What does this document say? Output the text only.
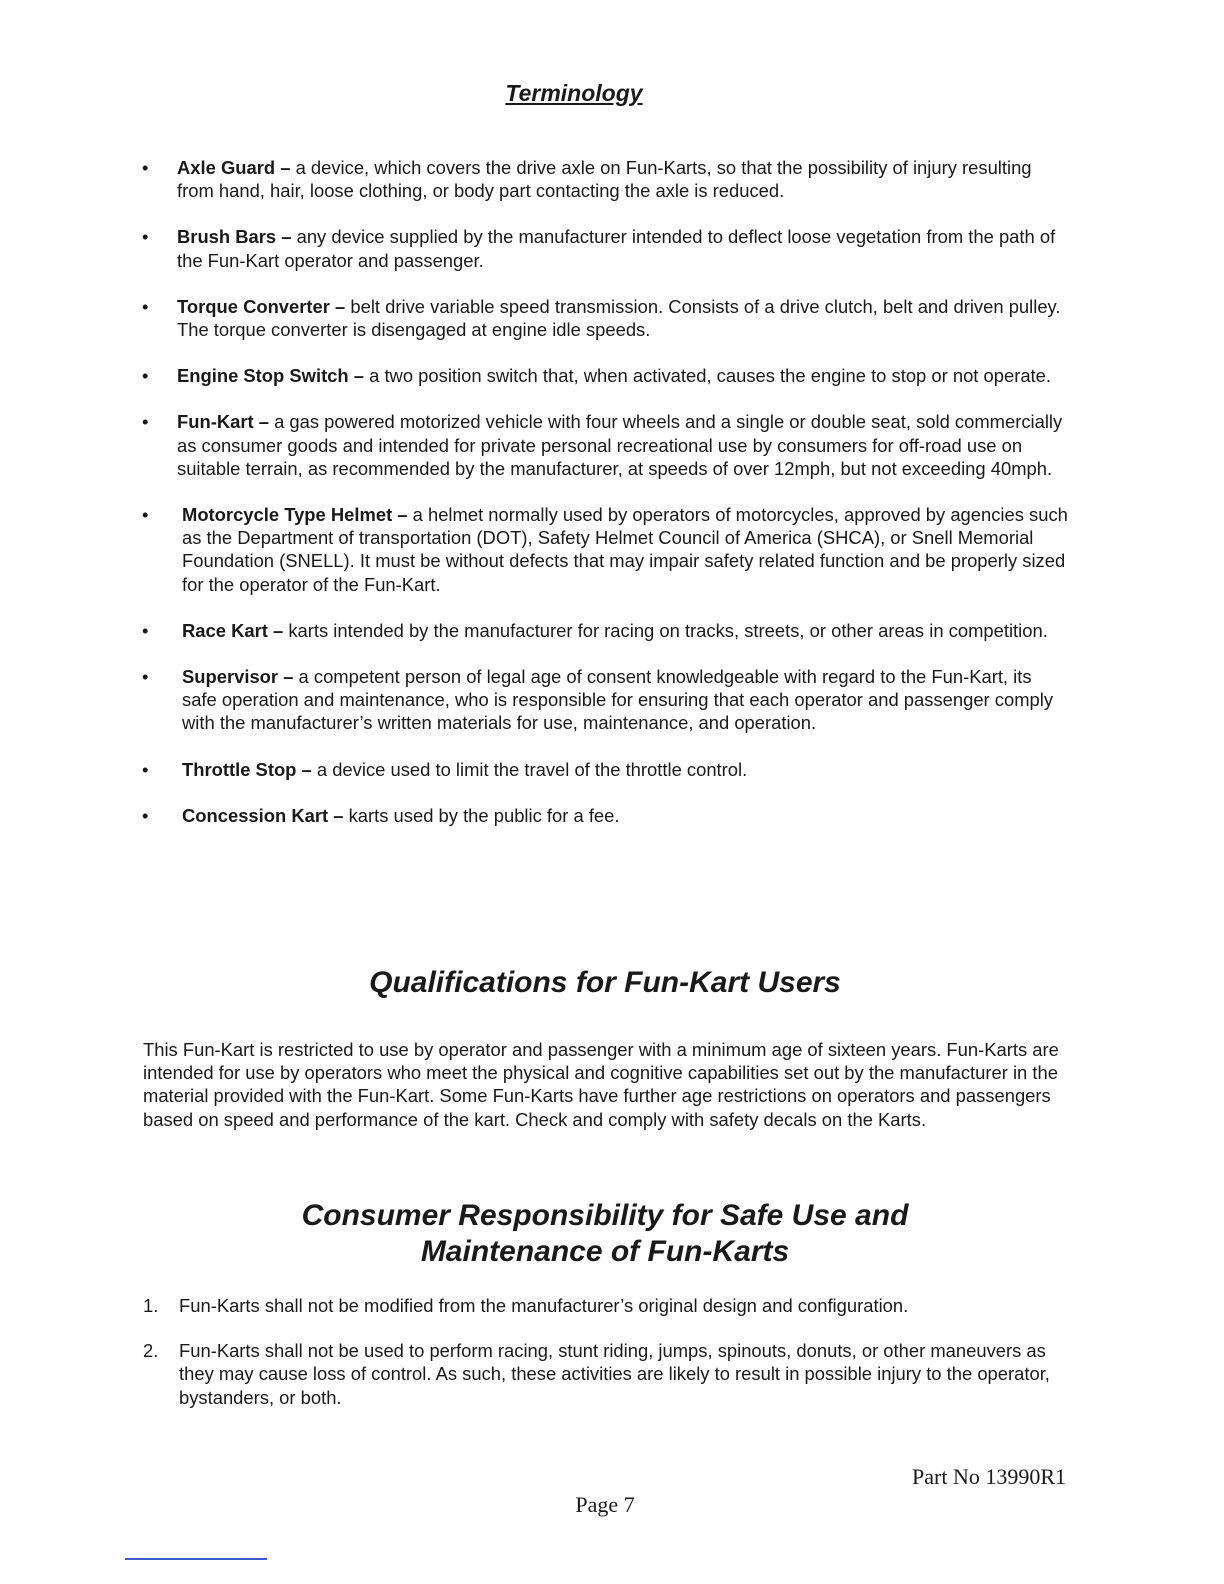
Terminology
• Axle Guard – a device, which covers the drive axle on Fun-Karts, so that the possibility of injury resulting from hand, hair, loose clothing, or body part contacting the axle is reduced.
• Brush Bars – any device supplied by the manufacturer intended to deflect loose vegetation from the path of the Fun-Kart operator and passenger.
• Torque Converter – belt drive variable speed transmission. Consists of a drive clutch, belt and driven pulley. The torque converter is disengaged at engine idle speeds.
• Engine Stop Switch – a two position switch that, when activated, causes the engine to stop or not operate.
• Fun-Kart – a gas powered motorized vehicle with four wheels and a single or double seat, sold commercially as consumer goods and intended for private personal recreational use by consumers for off-road use on suitable terrain, as recommended by the manufacturer, at speeds of over 12mph, but not exceeding 40mph.
• Motorcycle Type Helmet – a helmet normally used by operators of motorcycles, approved by agencies such as the Department of transportation (DOT), Safety Helmet Council of America (SHCA), or Snell Memorial Foundation (SNELL). It must be without defects that may impair safety related function and be properly sized for the operator of the Fun-Kart.
• Race Kart – karts intended by the manufacturer for racing on tracks, streets, or other areas in competition.
• Supervisor – a competent person of legal age of consent knowledgeable with regard to the Fun-Kart, its safe operation and maintenance, who is responsible for ensuring that each operator and passenger comply with the manufacturer’s written materials for use, maintenance, and operation.
• Throttle Stop – a device used to limit the travel of the throttle control.
• Concession Kart – karts used by the public for a fee.
Qualifications for Fun-Kart Users

This Fun-Kart is restricted to use by operator and passenger with a minimum age of sixteen years. Fun-Karts are intended for use by operators who meet the physical and cognitive capabilities set out by the manufacturer in the material provided with the Fun-Kart. Some Fun-Karts have further age restrictions on operators and passengers based on speed and performance of the kart. Check and comply with safety decals on the Karts.

Consumer Responsibility for Safe Use and
Maintenance of Fun-Karts
1. Fun-Karts shall not be modified from the manufacturer’s original design and configuration.
2. Fun-Karts shall not be used to perform racing, stunt riding, jumps, spinouts, donuts, or other maneuvers as they may cause loss of control. As such, these activities are likely to result in possible injury to the operator, bystanders, or both.
Part No 13990R1
Page 7
